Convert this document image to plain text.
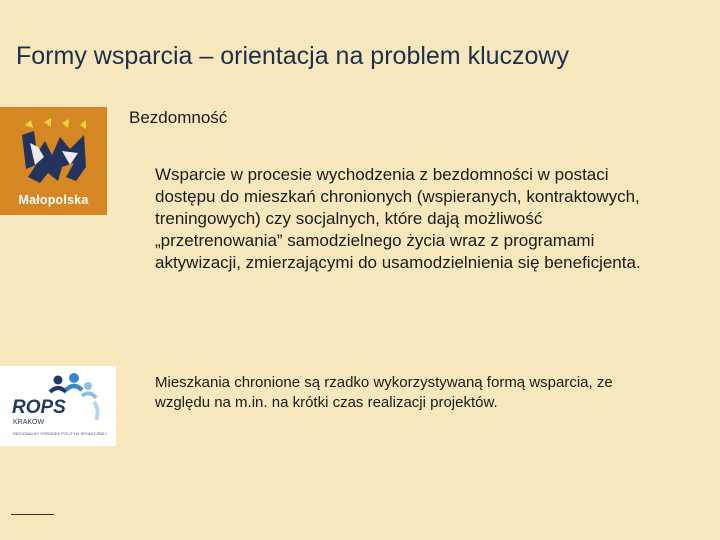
Formy wsparcia – orientacja na problem kluczowy
Małopolska
Bezdomność
Wsparcie w procesie wychodzenia z bezdomności w postaci dostępu do mieszkań chronionych (wspieranych, kontraktowych, treningowych) czy socjalnych, które dają możliwość „przetrenowania” samodzielnego życia wraz z programami aktywizacji, zmierzającymi do usamodzielnienia się beneficjenta.
ROPS
KRAKÓW
REGIONALNY OŚRODEK POLITYKI SPOŁECZNEJ
Mieszkania chronione są rzadko wykorzystywaną formą wsparcia, ze względu na m.in. na krótki czas realizacji projektów.
